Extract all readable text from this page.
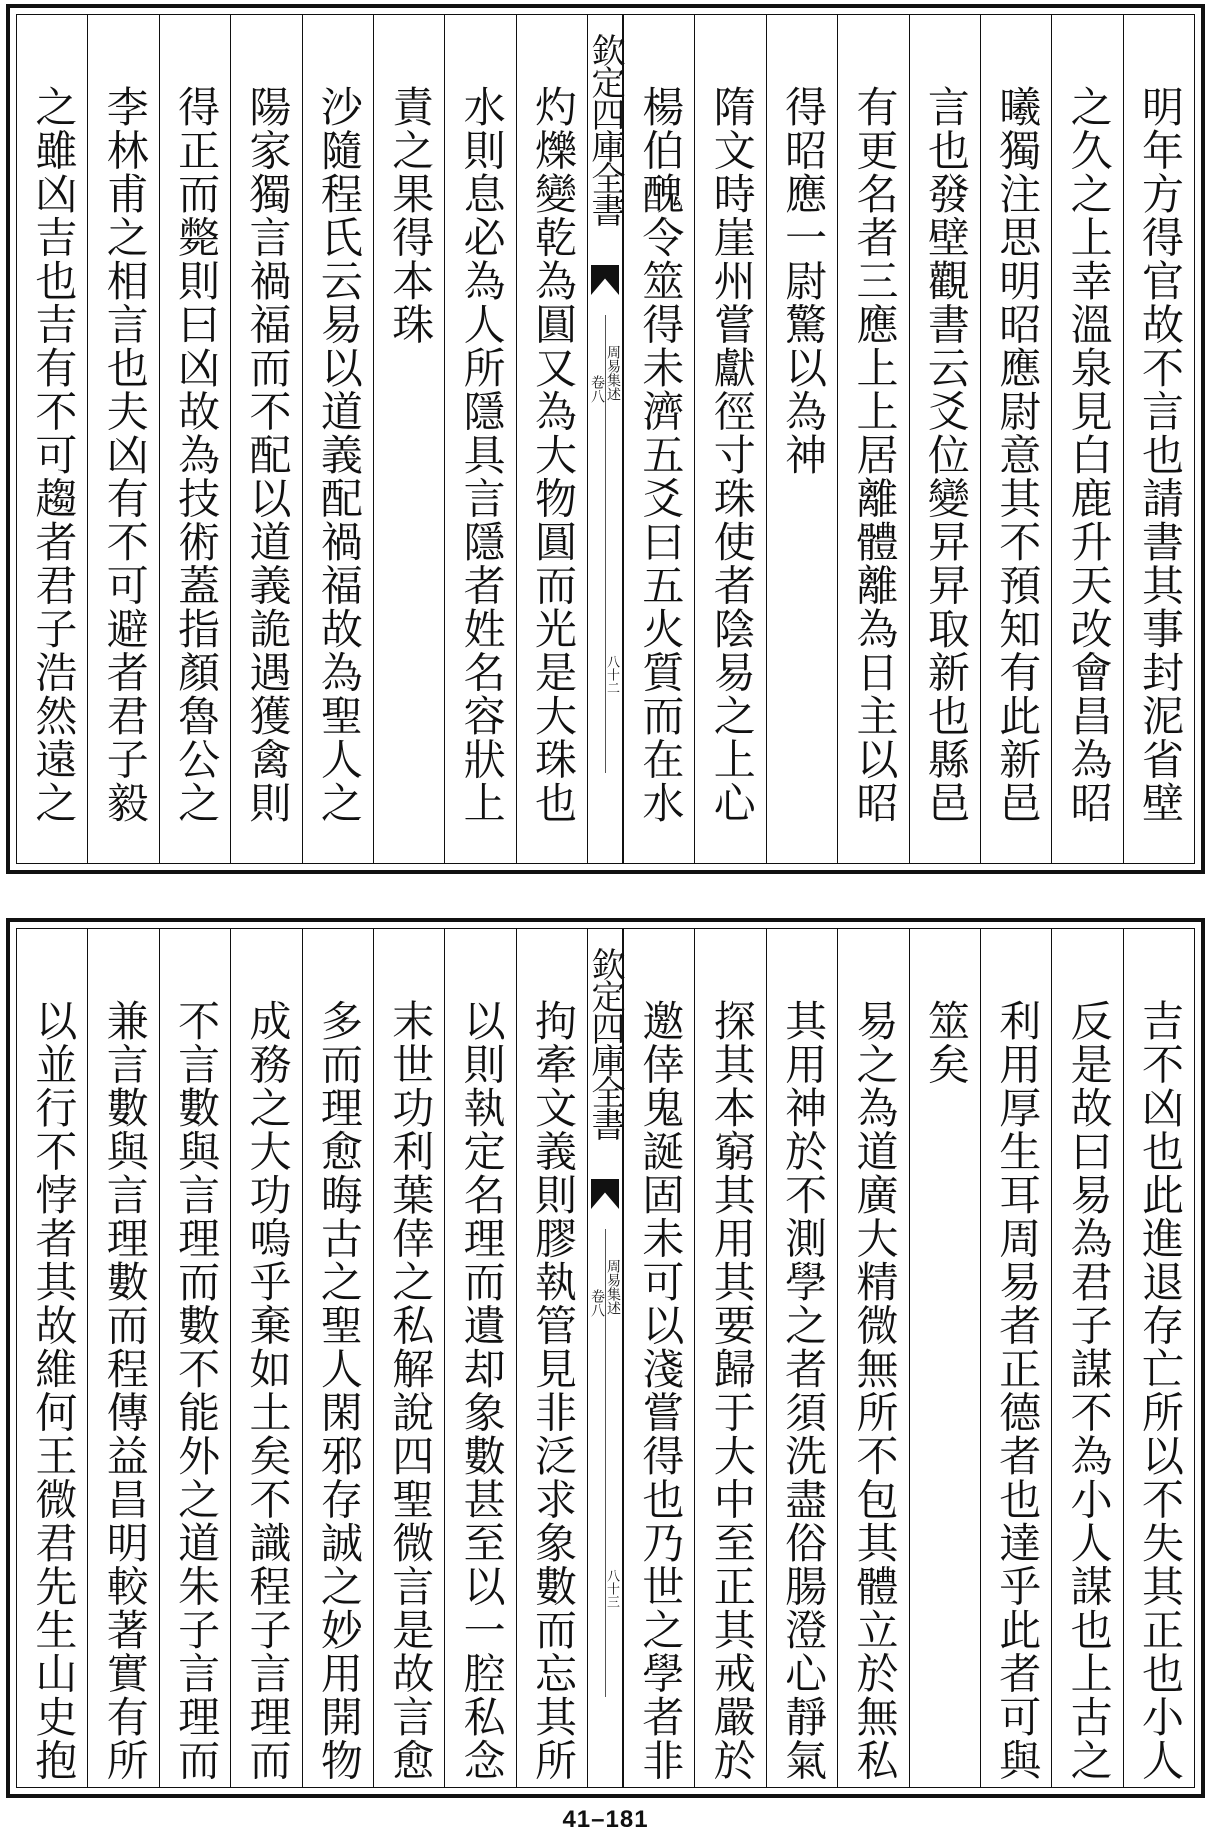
明年方得官故不言也請書其事封泥省壁
之久之上幸溫泉見白鹿升天改會昌為昭
曦獨注思明昭應尉意其不預知有此新邑
言也發壁觀書云爻位變㫒㫒取新也縣邑
有更名者三應上上居離體離為日主以昭
得昭應一尉驚以為神
隋文時崖州嘗獻徑寸珠使者陰易之上心
楊伯醜令筮得未濟五爻曰五火質而在水
欽定四庫全書
周易集述
卷八
八十二
灼爍變乾為圓又為大物圓而光是大珠也
水則息必為人所隱具言隱者姓名容狀上
責之果得本珠
沙隨程氏云易以道義配禍福故為聖人之
陽家獨言禍福而不配以道義詭遇獲禽則
得正而斃則曰凶故為技術蓋指顏魯公之
李林甫之相言也夫凶有不可避者君子毅
之雖凶吉也吉有不可趨者君子浩然遠之
吉不凶也此進退存亡所以不失其正也小人
反是故曰易為君子謀不為小人謀也上古之
利用厚生耳周易者正德者也達乎此者可與
筮矣
易之為道廣大精微無所不包其體立於無私
其用神於不測學之者須洗盡俗腸澄心靜氣
探其本窮其用其要歸于大中至正其戒嚴於
邀倖鬼誕固未可以淺嘗得也乃世之學者非
欽定四庫全書
周易集述
卷八
八十三
拘牽文義則膠執管見非泛求象數而忘其所
以則執定名理而遺却象數甚至以一腔私念
末世功利葉倖之私解說四聖微言是故言愈
多而理愈晦古之聖人閑邪存誠之妙用開物
成務之大功嗚乎棄如土矣不識程子言理而
不言數與言理而數不能外之道朱子言理而
兼言數與言理數而程傳益昌明較著實有所
以並行不悖者其故維何王微君先生山史抱
41–181
